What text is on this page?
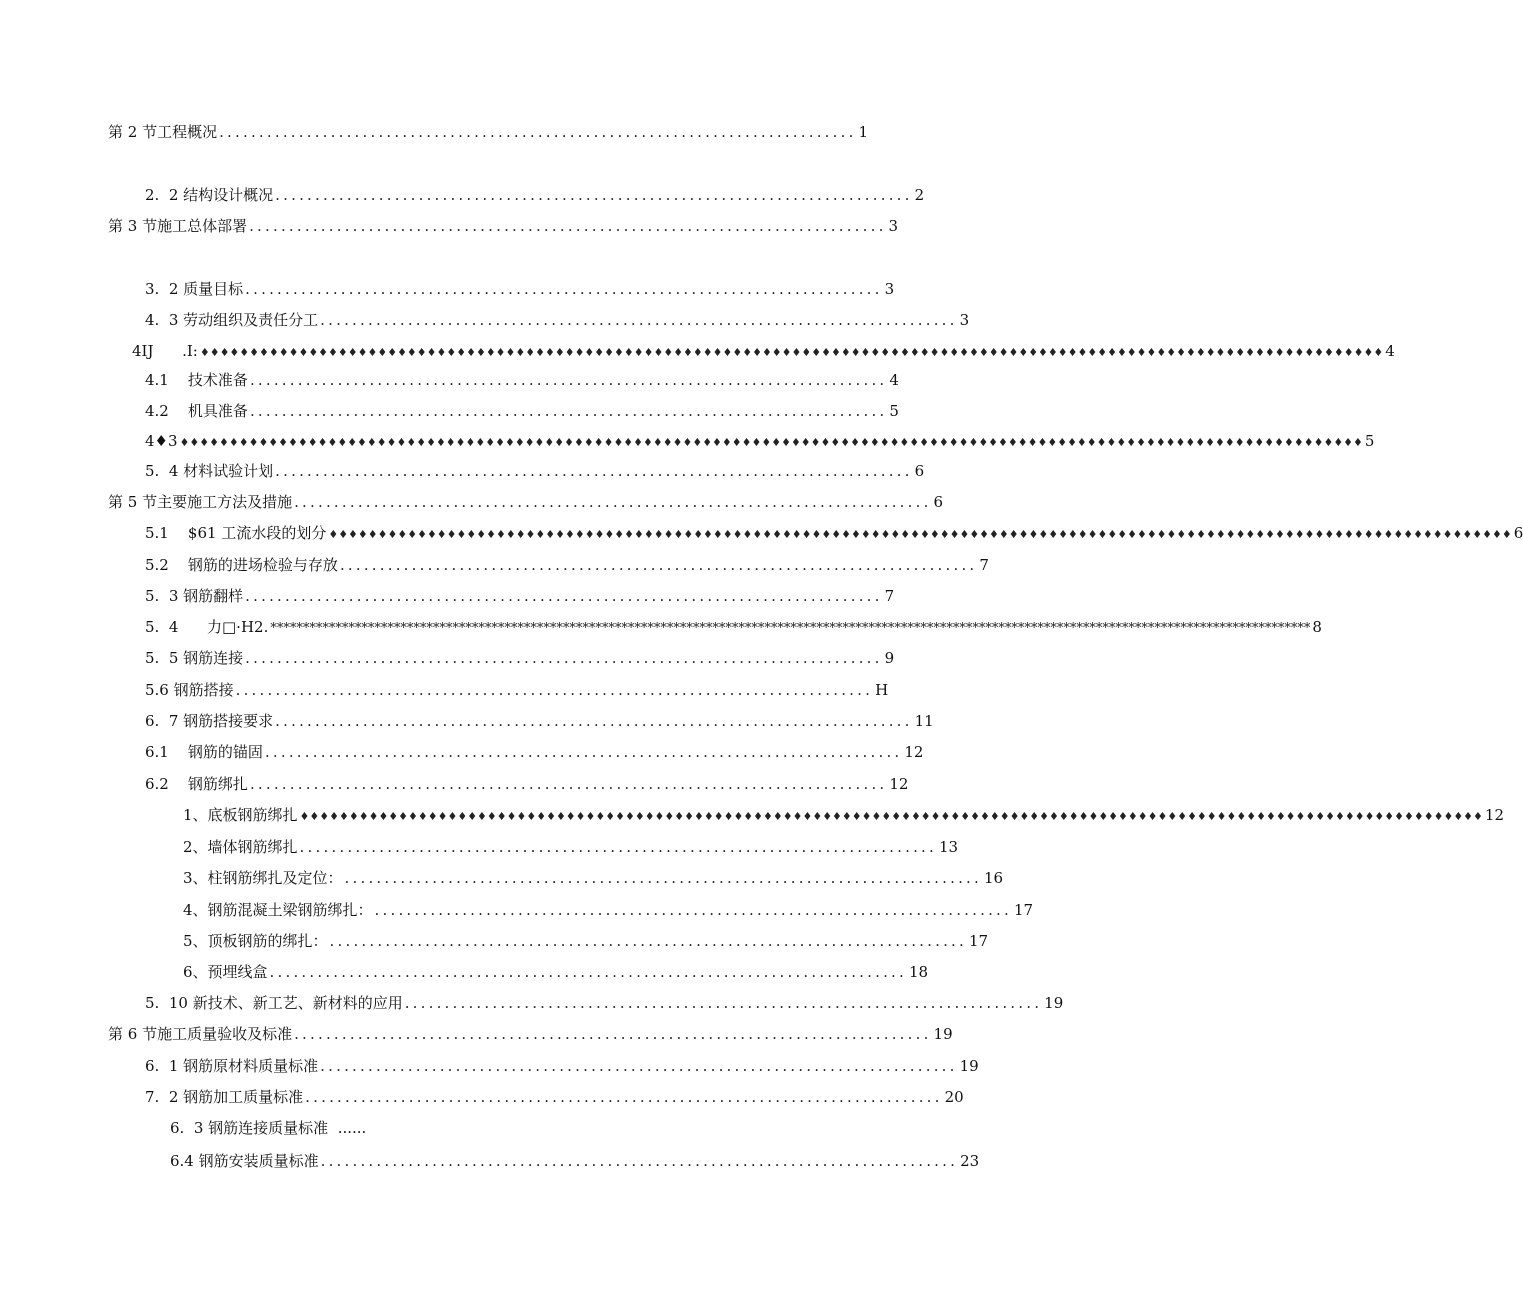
第 2 节工程概况 ................................................................................ 1
2.  2 结构设计概况 ................................................................................ 2
第 3 节施工总体部署 ................................................................................ 3
3.  2 质量目标 ................................................................................ 3
4.  3 劳动组织及责任分工 ................................................................................ 3
4IJ      .I: ♦♦♦♦♦♦♦♦♦♦♦♦♦♦♦♦♦♦♦♦♦♦♦♦♦♦♦♦♦♦♦♦♦♦♦♦♦♦♦♦♦♦♦♦♦♦♦♦♦♦♦♦♦♦♦♦♦♦♦♦♦♦♦♦♦♦♦♦♦♦♦♦♦♦♦♦♦♦♦♦♦♦♦♦♦♦♦♦♦♦♦♦♦♦♦♦♦♦♦♦♦♦♦♦♦♦♦♦♦♦♦♦♦♦♦♦♦♦♦♦ 4
4.1    技术准备 ................................................................................ 4
4.2    机具准备 ................................................................................ 5
4♦3 ♦♦♦♦♦♦♦♦♦♦♦♦♦♦♦♦♦♦♦♦♦♦♦♦♦♦♦♦♦♦♦♦♦♦♦♦♦♦♦♦♦♦♦♦♦♦♦♦♦♦♦♦♦♦♦♦♦♦♦♦♦♦♦♦♦♦♦♦♦♦♦♦♦♦♦♦♦♦♦♦♦♦♦♦♦♦♦♦♦♦♦♦♦♦♦♦♦♦♦♦♦♦♦♦♦♦♦♦♦♦♦♦♦♦♦♦♦♦♦♦ 5
5.  4 材料试验计划 ................................................................................ 6
第 5 节主要施工方法及措施 ................................................................................ 6
5.1    $61 工流水段的划分 ♦♦♦♦♦♦♦♦♦♦♦♦♦♦♦♦♦♦♦♦♦♦♦♦♦♦♦♦♦♦♦♦♦♦♦♦♦♦♦♦♦♦♦♦♦♦♦♦♦♦♦♦♦♦♦♦♦♦♦♦♦♦♦♦♦♦♦♦♦♦♦♦♦♦♦♦♦♦♦♦♦♦♦♦♦♦♦♦♦♦♦♦♦♦♦♦♦♦♦♦♦♦♦♦♦♦♦♦♦♦♦♦♦♦♦♦♦♦♦♦ 6
5.2    钢筋的进场检验与存放 ................................................................................ 7
5.  3 钢筋翻样 ................................................................................ 7
5.  4      力□·H2. **************************************************************************************************************************************************************** 8
5.  5 钢筋连接 ................................................................................ 9
5.6 钢筋搭接 ................................................................................ H
6.  7 钢筋搭接要求 ................................................................................ 11
6.1    钢筋的锚固 ................................................................................ 12
6.2    钢筋绑扎 ................................................................................ 12
1、底板钢筋绑扎 ♦♦♦♦♦♦♦♦♦♦♦♦♦♦♦♦♦♦♦♦♦♦♦♦♦♦♦♦♦♦♦♦♦♦♦♦♦♦♦♦♦♦♦♦♦♦♦♦♦♦♦♦♦♦♦♦♦♦♦♦♦♦♦♦♦♦♦♦♦♦♦♦♦♦♦♦♦♦♦♦♦♦♦♦♦♦♦♦♦♦♦♦♦♦♦♦♦♦♦♦♦♦♦♦♦♦♦♦♦♦♦♦♦♦♦♦♦♦♦♦ 12
2、墙体钢筋绑扎 ................................................................................ 13
3、柱钢筋绑扎及定位： ................................................................................ 16
4、钢筋混凝土梁钢筋绑扎： ................................................................................ 17
5、顶板钢筋的绑扎： ................................................................................ 17
6、预埋线盒 ................................................................................ 18
5.  10 新技术、新工艺、新材料的应用 ................................................................................ 19
第 6 节施工质量验收及标准 ................................................................................ 19
6.  1 钢筋原材料质量标准 ................................................................................ 19
7.  2 钢筋加工质量标准 ................................................................................ 20
6.  3 钢筋连接质量标准  ......
6.4 钢筋安装质量标准 ................................................................................ 23
